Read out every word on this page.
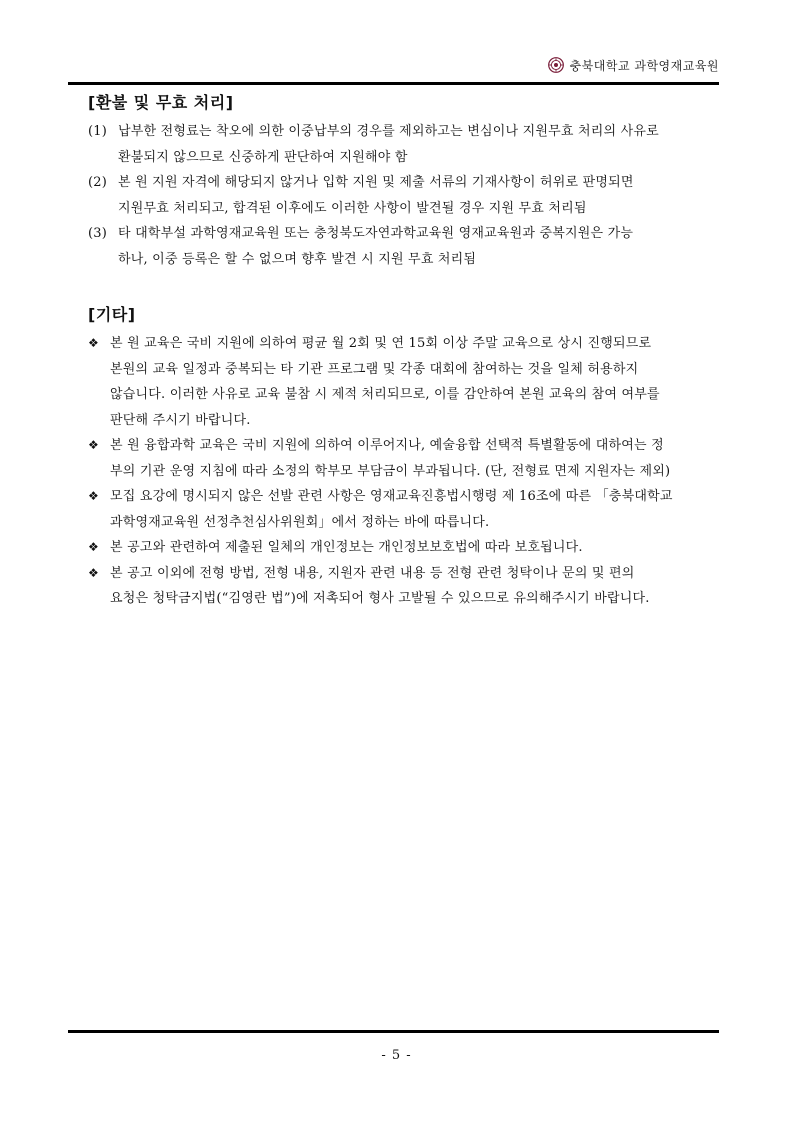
충북대학교 과학영재교육원
[환불 및 무효 처리]
(1) 납부한 전형료는 착오에 의한 이중납부의 경우를 제외하고는 변심이나 지원무효 처리의 사유로
환불되지 않으므로 신중하게 판단하여 지원해야 함
(2) 본 원 지원 자격에 해당되지 않거나 입학 지원 및 제출 서류의 기재사항이 허위로 판명되면
지원무효 처리되고, 합격된 이후에도 이러한 사항이 발견될 경우 지원 무효 처리됨
(3) 타 대학부설 과학영재교육원 또는 충청북도자연과학교육원 영재교육원과 중복지원은 가능
하나, 이중 등록은 할 수 없으며 향후 발견 시 지원 무효 처리됨
[기타]
❖ 본 원 교육은 국비 지원에 의하여 평균 월 2회 및 연 15회 이상 주말 교육으로 상시 진행되므로
본원의 교육 일정과 중복되는 타 기관 프로그램 및 각종 대회에 참여하는 것을 일체 허용하지
않습니다. 이러한 사유로 교육 불참 시 제적 처리되므로, 이를 감안하여 본원 교육의 참여 여부를
판단해 주시기 바랍니다.
❖ 본 원 융합과학 교육은 국비 지원에 의하여 이루어지나, 예술융합 선택적 특별활동에 대하여는 정
부의 기관 운영 지침에 따라 소정의 학부모 부담금이 부과됩니다. (단, 전형료 면제 지원자는 제외)
❖ 모집 요강에 명시되지 않은 선발 관련 사항은 영재교육진흥법시행령 제 16조에 따른 「충북대학교
과학영재교육원 선정추천심사위원회」에서 정하는 바에 따릅니다.
❖ 본 공고와 관련하여 제출된 일체의 개인정보는 개인정보보호법에 따라 보호됩니다.
❖ 본 공고 이외에 전형 방법, 전형 내용, 지원자 관련 내용 등 전형 관련 청탁이나 문의 및 편의
요청은 청탁금지법(“김영란 법”)에 저촉되어 형사 고발될 수 있으므로 유의해주시기 바랍니다.
- 5 -
